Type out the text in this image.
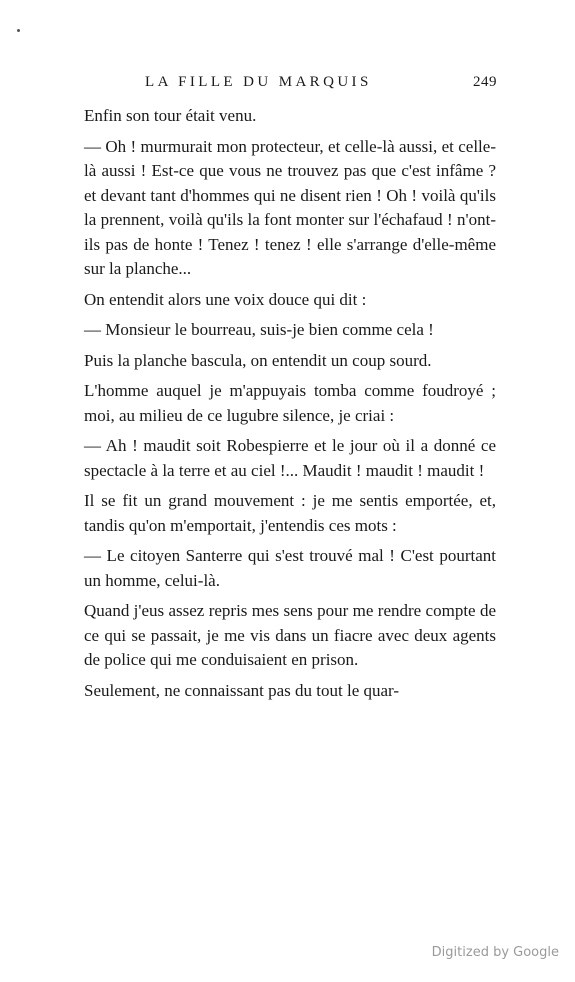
LA FILLE DU MARQUIS	249

Enfin son tour était venu.

— Oh ! murmurait mon protecteur, et celle-là aussi, et celle-là aussi ! Est-ce que vous ne trouvez pas que c'est infâme ? et devant tant d'hommes qui ne disent rien ! Oh ! voilà qu'ils la prennent, voilà qu'ils la font monter sur l'échafaud ! n'ont-ils pas de honte ! Tenez ! tenez ! elle s'arrange d'elle-même sur la planche...

On entendit alors une voix douce qui dit :

— Monsieur le bourreau, suis-je bien comme cela !

Puis la planche bascula, on entendit un coup sourd.

L'homme auquel je m'appuyais tomba comme foudroyé ; moi, au milieu de ce lugubre silence, je criai :

— Ah ! maudit soit Robespierre et le jour où il a donné ce spectacle à la terre et au ciel !... Maudit ! maudit ! maudit !

Il se fit un grand mouvement : je me sentis emportée, et, tandis qu'on m'emportait, j'entendis ces mots :

— Le citoyen Santerre qui s'est trouvé mal ! C'est pourtant un homme, celui-là.

Quand j'eus assez repris mes sens pour me rendre compte de ce qui se passait, je me vis dans un fiacre avec deux agents de police qui me conduisaient en prison.

Seulement, ne connaissant pas du tout le quar-

Digitized by Google
